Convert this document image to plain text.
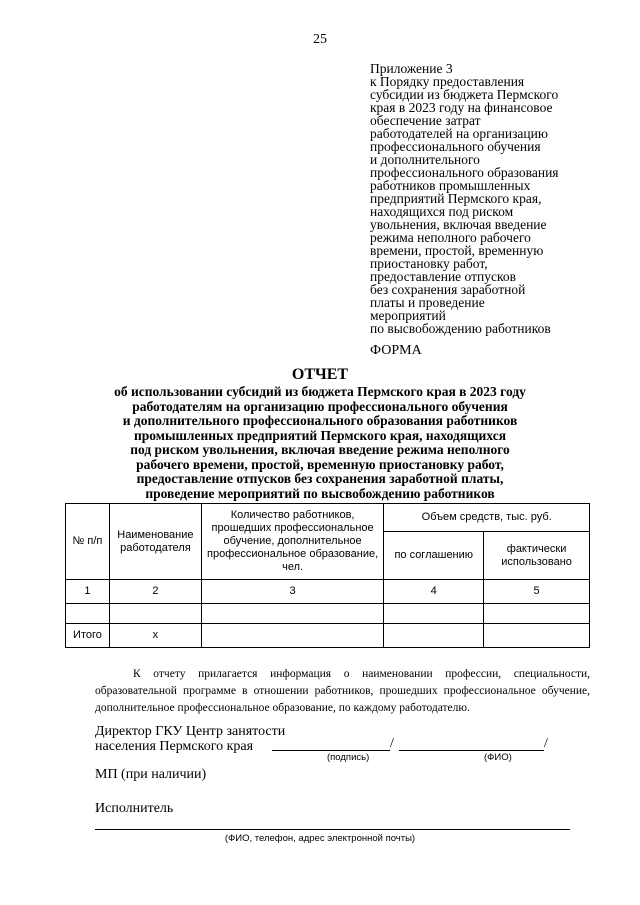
25
Приложение 3
к Порядку предоставления
субсидии из бюджета Пермского
края в 2023 году на финансовое
обеспечение затрат
работодателей на организацию
профессионального обучения
и дополнительного
профессионального образования
работников промышленных
предприятий Пермского края,
находящихся под риском
увольнения, включая введение
режима неполного рабочего
времени, простой, временную
приостановку работ,
предоставление отпусков
без сохранения заработной
платы и проведение
мероприятий
по высвобождению работников
ФОРМА
ОТЧЕТ
об использовании субсидий из бюджета Пермского края в 2023 году
работодателям на организацию профессионального обучения
и дополнительного профессионального образования работников
промышленных предприятий Пермского края, находящихся
под риском увольнения, включая введение режима неполного
рабочего времени, простой, временную приостановку работ,
предоставление отпусков без сохранения заработной платы,
проведение мероприятий по высвобождению работников
№ п/п	Наименование работодателя	Количество работников, прошедших профессиональное обучение, дополнительное профессиональное образование, чел.	Объем средств, тыс. руб.	
			по соглашению	фактически использовано
1	2	3	4	5

Итого	x			

К отчету прилагается информация о наименовании профессии, специальности, образовательной программе в отношении работников, прошедших профессиональное обучение, дополнительное профессиональное образование, по каждому работодателю.

Директор ГКУ Центр занятости
населения Пермского края	/	/
(подпись)	(ФИО)
МП (при наличии)
Исполнитель
(ФИО, телефон, адрес электронной почты)
